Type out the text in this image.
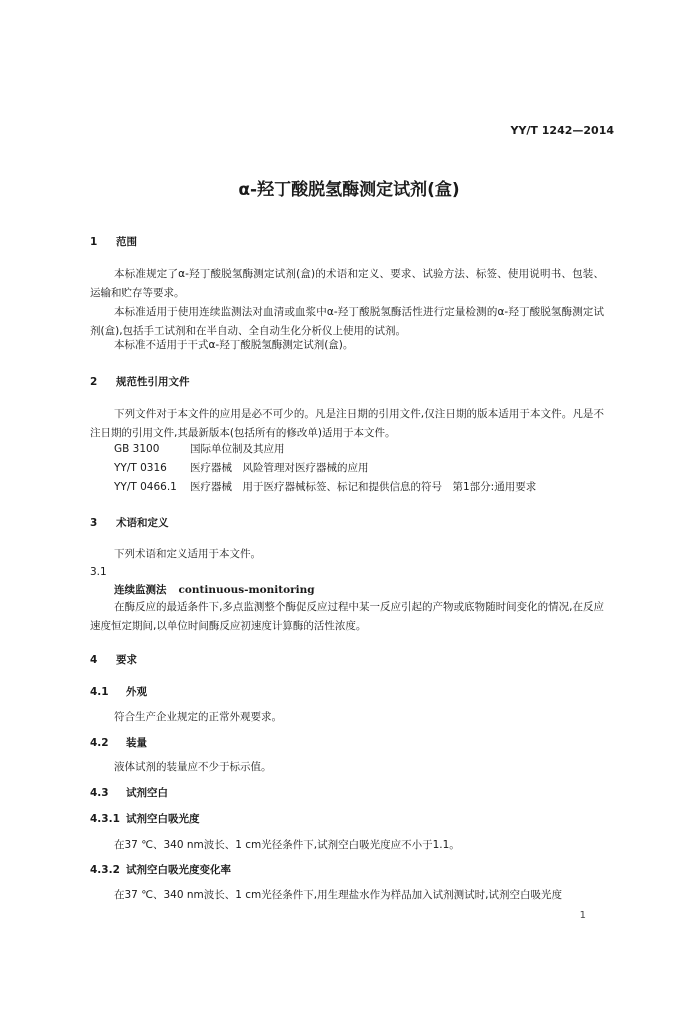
YY/T 1242—2014
α-羟丁酸脱氢酶测定试剂(盒)
1 范围
本标准规定了α-羟丁酸脱氢酶测定试剂(盒)的术语和定义、要求、试验方法、标签、使用说明书、包装、运输和贮存等要求。
本标准适用于使用连续监测法对血清或血浆中α-羟丁酸脱氢酶活性进行定量检测的α-羟丁酸脱氢酶测定试剂(盒),包括手工试剂和在半自动、全自动生化分析仪上使用的试剂。
本标准不适用于干式α-羟丁酸脱氢酶测定试剂(盒)。
2 规范性引用文件
下列文件对于本文件的应用是必不可少的。凡是注日期的引用文件,仅注日期的版本适用于本文件。凡是不注日期的引用文件,其最新版本(包括所有的修改单)适用于本文件。
GB 3100	国际单位制及其应用
YY/T 0316 医疗器械　风险管理对医疗器械的应用
YY/T 0466.1 医疗器械　用于医疗器械标签、标记和提供信息的符号　第1部分:通用要求
3 术语和定义
下列术语和定义适用于本文件。
3.1
连续监测法 continuous-monitoring
在酶反应的最适条件下,多点监测整个酶促反应过程中某一反应引起的产物或底物随时间变化的情况,在反应速度恒定期间,以单位时间酶反应初速度计算酶的活性浓度。
4 要求
4.1 外观
符合生产企业规定的正常外观要求。
4.2 装量
液体试剂的装量应不少于标示值。
4.3 试剂空白
4.3.1 试剂空白吸光度
在37 ℃、340 nm波长、1 cm光径条件下,试剂空白吸光度应不小于1.1。
4.3.2 试剂空白吸光度变化率
在37 ℃、340 nm波长、1 cm光径条件下,用生理盐水作为样品加入试剂测试时,试剂空白吸光度
1
